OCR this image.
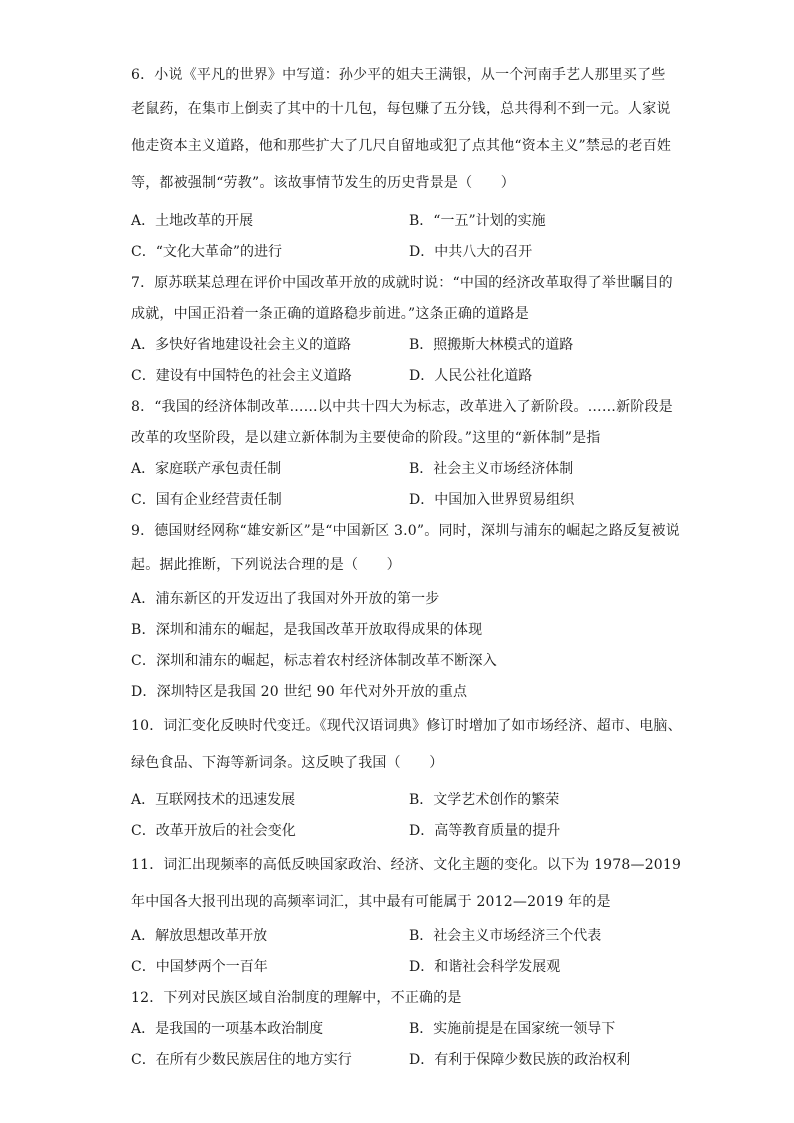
6．小说《平凡的世界》中写道：孙少平的姐夫王满银，从一个河南手艺人那里买了些
老鼠药，在集市上倒卖了其中的十几包，每包赚了五分钱，总共得利不到一元。人家说
他走资本主义道路，他和那些扩大了几尺自留地或犯了点其他“资本主义”禁忌的老百姓
等，都被强制“劳教”。该故事情节发生的历史背景是（　　）
A．土地改革的开展	B．“一五”计划的实施
C．“文化大革命”的进行	D．中共八大的召开
7．原苏联某总理在评价中国改革开放的成就时说：“中国的经济改革取得了举世瞩目的
成就，中国正沿着一条正确的道路稳步前进。”这条正确的道路是
A．多快好省地建设社会主义的道路	B．照搬斯大林模式的道路
C．建设有中国特色的社会主义道路	D．人民公社化道路
8．“我国的经济体制改革……以中共十四大为标志，改革进入了新阶段。……新阶段是
改革的攻坚阶段，是以建立新体制为主要使命的阶段。”这里的“新体制”是指
A．家庭联产承包责任制	B．社会主义市场经济体制
C．国有企业经营责任制	D．中国加入世界贸易组织
9．德国财经网称“雄安新区”是“中国新区 3.0”。同时，深圳与浦东的崛起之路反复被说
起。据此推断，下列说法合理的是（　　）
A．浦东新区的开发迈出了我国对外开放的第一步
B．深圳和浦东的崛起，是我国改革开放取得成果的体现
C．深圳和浦东的崛起，标志着农村经济体制改革不断深入
D．深圳特区是我国 20 世纪 90 年代对外开放的重点
10．词汇变化反映时代变迁。《现代汉语词典》修订时增加了如市场经济、超市、电脑、
绿色食品、下海等新词条。这反映了我国（　　）
A．互联网技术的迅速发展	B．文学艺术创作的繁荣
C．改革开放后的社会变化	D．高等教育质量的提升
11．词汇出现频率的高低反映国家政治、经济、文化主题的变化。以下为 1978—2019
年中国各大报刊出现的高频率词汇，其中最有可能属于 2012—2019 年的是
A．解放思想改革开放	B．社会主义市场经济三个代表
C．中国梦两个一百年	D．和谐社会科学发展观
12．下列对民族区域自治制度的理解中，不正确的是
A．是我国的一项基本政治制度	B．实施前提是在国家统一领导下
C．在所有少数民族居住的地方实行	D．有利于保障少数民族的政治权利
